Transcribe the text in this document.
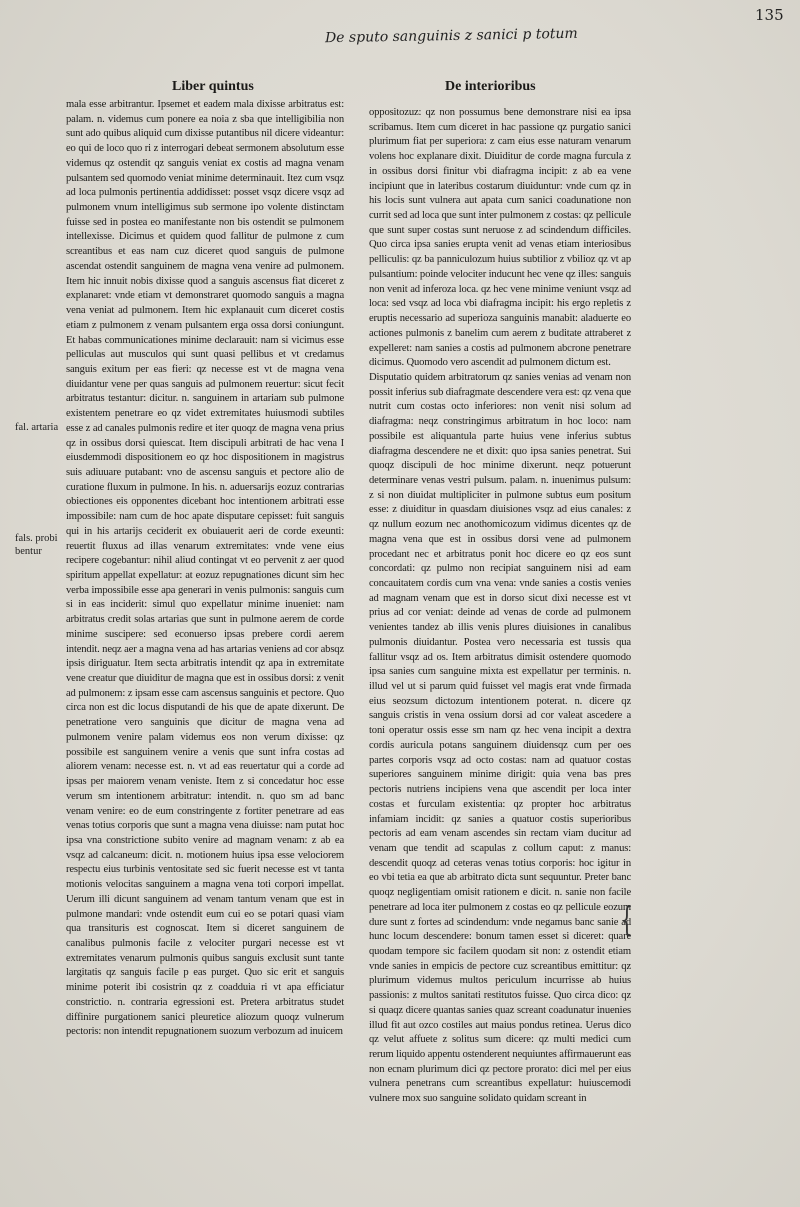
135
De sputo sanguinis z sanici p totum
Liber quintus	De interioribus
fal. artaria
fals. probi bentur

mala esse arbitrantur. Ipsemet et eadem mala dixisse arbitratus est: palam. n. videmus cum ponere ea noia z sba que intelligibilia non sunt ado quibus aliquid cum dixisse putantibus nil dicere videantur: eo qui de loco quo ri z interrogari debeat sermonem absolutum esse videmus qz ostendit qz sanguis veniat ex costis ad magna venam pulsantem sed quomodo veniat minime determinauit. Itez cum vsqz ad loca pulmonis pertinentia addidisset: posset vsqz dicere vsqz ad pulmonem vnum intelligimus sub sermone ipo volente distinctam fuisse sed in postea eo manifestante non bis ostendit se pulmonem intellexisse. Dicimus et quidem quod fallitur de pulmone z cum screantibus et eas nam cuz diceret quod sanguis de pulmone ascendat ostendit sanguinem de magna vena venire ad pulmonem. Item hic innuit nobis dixisse quod a sanguis ascensus fiat diceret z explanaret: vnde etiam vt demonstraret quomodo sanguis a magna vena veniat ad pulmonem. Item hic explanauit cum diceret costis etiam z pulmonem z venam pulsantem erga ossa dorsi coniungunt. Et habas communicationes minime declarauit: nam si vicimus esse pelliculas aut musculos qui sunt quasi pellibus et vt credamus sanguis exitum per eas fieri: qz necesse est vt de magna vena diuidantur vene per quas sanguis ad pulmonem reuertur: sicut fecit arbitratus testantur: dicitur. n. sanguinem in artariam sub pulmone existentem penetrare eo qz videt extremitates huiusmodi subtiles esse z ad canales pulmonis redire et iter quoqz de magna vena prius qz in ossibus dorsi quiescat. Item discipuli arbitrati de hac vena I eiusdemmodi dispositionem eo qz hoc dispositionem in magistrus suis adiuuare putabant: vno de ascensu sanguis et pectore alio de curatione fluxum in pulmone. In his. n. aduersarijs eozuz contrarias obiectiones eis opponentes dicebant hoc intentionem arbitrati esse impossibile: nam cum de hoc apate disputare cepisset: fuit sanguis qui in his artarijs ceciderit ex obuiauerit aeri de corde exeunti: reuertit fluxus ad illas venarum extremitates: vnde vene eius recipere cogebantur: nihil aliud contingat vt eo pervenit z aer quod spiritum appellat expellatur: at eozuz repugnationes dicunt sim hec verba impossibile esse apa generari in venis pulmonis: sanguis cum si in eas inciderit: simul quo expellatur minime inueniet: nam arbitratus credit solas artarias que sunt in pulmone aerem de corde minime suscipere: sed econuerso ipsas prebere cordi aerem intendit. neqz aer a magna vena ad has artarias veniens ad cor absqz ipsis diriguatur. Item secta arbitratis intendit qz apa in extremitate vene creatur que diuiditur de magna que est in ossibus dorsi: z venit ad pulmonem: z ipsam esse cam ascensus sanguinis et pectore. Quo circa non est dic locus disputandi de his que de apate dixerunt. De penetratione vero sanguinis que dicitur de magna vena ad pulmonem venire palam videmus eos non verum dixisse: qz possibile est sanguinem venire a venis que sunt infra costas ad aliorem venam: necesse est. n. vt ad eas reuertatur qui a corde ad ipsas per maiorem venam veniste. Item z si concedatur hoc esse verum sm intentionem arbitratur: intendit. n. quo sm ad banc venam venire: eo de eum constringente z fortiter penetrare ad eas venas totius corporis que sunt a magna vena diuisse: nam putat hoc ipsa vna constrictione subito venire ad magnam venam: z ab ea vsqz ad calcaneum: dicit. n. motionem huius ipsa esse velociorem respectu eius turbinis ventositate sed sic fuerit necesse est vt tanta motionis velocitas sanguinem a magna vena toti corpori impellat. Uerum illi dicunt sanguinem ad venam tantum venam que est in pulmone mandari: vnde ostendit eum cui eo se potari quasi viam qua transituris est cognoscat. Item si diceret sanguinem de canalibus pulmonis facile z velociter purgari necesse est vt extremitates venarum pulmonis quibus sanguis exclusit sunt tante largitatis qz sanguis facile p eas purget. Quo sic erit et sanguis minime poterit ibi cosistrin qz z coadduia ri vt apa efficiatur constrictio. n. contraria egressioni est. Pretera arbitratus studet diffinire purgationem sanici pleuretice aliozum quoqz vulnerum pectoris: non intendit repugnationem suozum verbozum ad inuicem

oppositozuz: qz non possumus bene demonstrare nisi ea ipsa scribamus. Item cum diceret in hac passione qz purgatio sanici plurimum fiat per superiora: z cam eius esse naturam venarum volens hoc explanare dixit. Diuiditur de corde magna furcula z in ossibus dorsi finitur vbi diafragma incipit: z ab ea vene incipiunt que in lateribus costarum diuiduntur: vnde cum qz in his locis sunt vulnera aut apata cum sanici coadunatione non currit sed ad loca que sunt inter pulmonem z costas: qz pellicule que sunt super costas sunt neruose z ad scindendum difficiles. Quo circa ipsa sanies erupta venit ad venas etiam interiosibus pelliculis: qz ba panniculozum huius subtilior z vbilioz qz vt ap pulsantium: poinde velociter inducunt hec vene qz illes: sanguis non venit ad inferoza loca. qz hec vene minime veniunt vsqz ad loca: sed vsqz ad loca vbi diafragma incipit: his ergo repletis z eruptis necessario ad superioza sanguinis manabit: aladuerte eo actiones pulmonis z banelim cum aerem z buditate attraberet z expelleret: nam sanies a costis ad pulmonem abcrone penetrare dicimus. Quomodo vero ascendit ad pulmonem dictum est.

Disputatio quidem arbitratorum qz sanies venias ad venam non possit inferius sub diafragmate descendere vera est: qz vena que nutrit cum costas octo inferiores: non venit nisi solum ad diafragma: neqz constringimus arbitratum in hoc loco: nam possibile est aliquantula parte huius vene inferius subtus diafragma descendere ne et dixit: quo ipsa sanies penetrat. Sui quoqz discipuli de hoc minime dixerunt. neqz potuerunt determinare venas vestri pulsum. palam. n. inuenimus pulsum: z si non diuidat multipliciter in pulmone subtus eum positum esse: z diuiditur in quasdam diuisiones vsqz ad eius canales: z qz nullum eozum nec anothomicozum vidimus dicentes qz de magna vena que est in ossibus dorsi vene ad pulmonem procedant nec et arbitratus ponit hoc dicere eo qz eos sunt concordati: qz pulmo non recipiat sanguinem nisi ad eam concauitatem cordis cum vna vena: vnde sanies a costis venies ad magnam venam que est in dorso sicut dixi necesse est vt prius ad cor veniat: deinde ad venas de corde ad pulmonem venientes tandez ab illis venis plures diuisiones in canalibus pulmonis diuidantur. Postea vero necessaria est tussis qua fallitur vsqz ad os. Item arbitratus dimisit ostendere quomodo ipsa sanies cum sanguine mixta est expellatur per terminis. n. illud vel ut si parum quid fuisset vel magis erat vnde firmada eius seozsum dictozum intentionem poterat. n. dicere qz sanguis cristis in vena ossium dorsi ad cor valeat ascedere a toni operatur ossis esse sm nam qz hec vena incipit a dextra cordis auricula potans sanguinem diuidensqz cum per oes partes corporis vsqz ad octo costas: nam ad quatuor costas superiores sanguinem minime dirigit: quia vena bas pres pectoris nutriens incipiens vena que ascendit per loca inter costas et furculam existentia: qz propter hoc arbitratus infamiam incidit: qz sanies a quatuor costis superioribus pectoris ad eam venam ascendes sin rectam viam ducitur ad venam que tendit ad scapulas z collum caput: z manus: descendit quoqz ad ceteras venas totius corporis: hoc igitur in eo vbi tetia ea que ab arbitrato dicta sunt sequuntur. Preter banc quoqz negligentiam omisit rationem e dicit. n. sanie non facile penetrare ad loca iter pulmonem z costas eo qz pellicule eozum dure sunt z fortes ad scindendum: vnde negamus banc sanie ad hunc locum descendere: bonum tamen esset si diceret: quare quodam tempore sic facilem quodam sit non: z ostendit etiam vnde sanies in empicis de pectore cuz screantibus emittitur: qz plurimum videmus multos periculum incurrisse ab huius passionis: z multos sanitati restitutos fuisse. Quo circa dico: qz si quaqz dicere quantas sanies quaz screant coadunatur inuenies illud fit aut ozco costiles aut maius pondus retinea. Uerus dico qz velut affuete z solitus sum dicere: qz multi medici cum rerum liquido appentu ostenderent nequiuntes affirmauerunt eas non ecnam plurimum dici qz pectore prorato: dici mel per eius vulnera penetrans cum screantibus expellatur: huiuscemodi vulnere mox suo sanguine solidato quidam screant in

{
